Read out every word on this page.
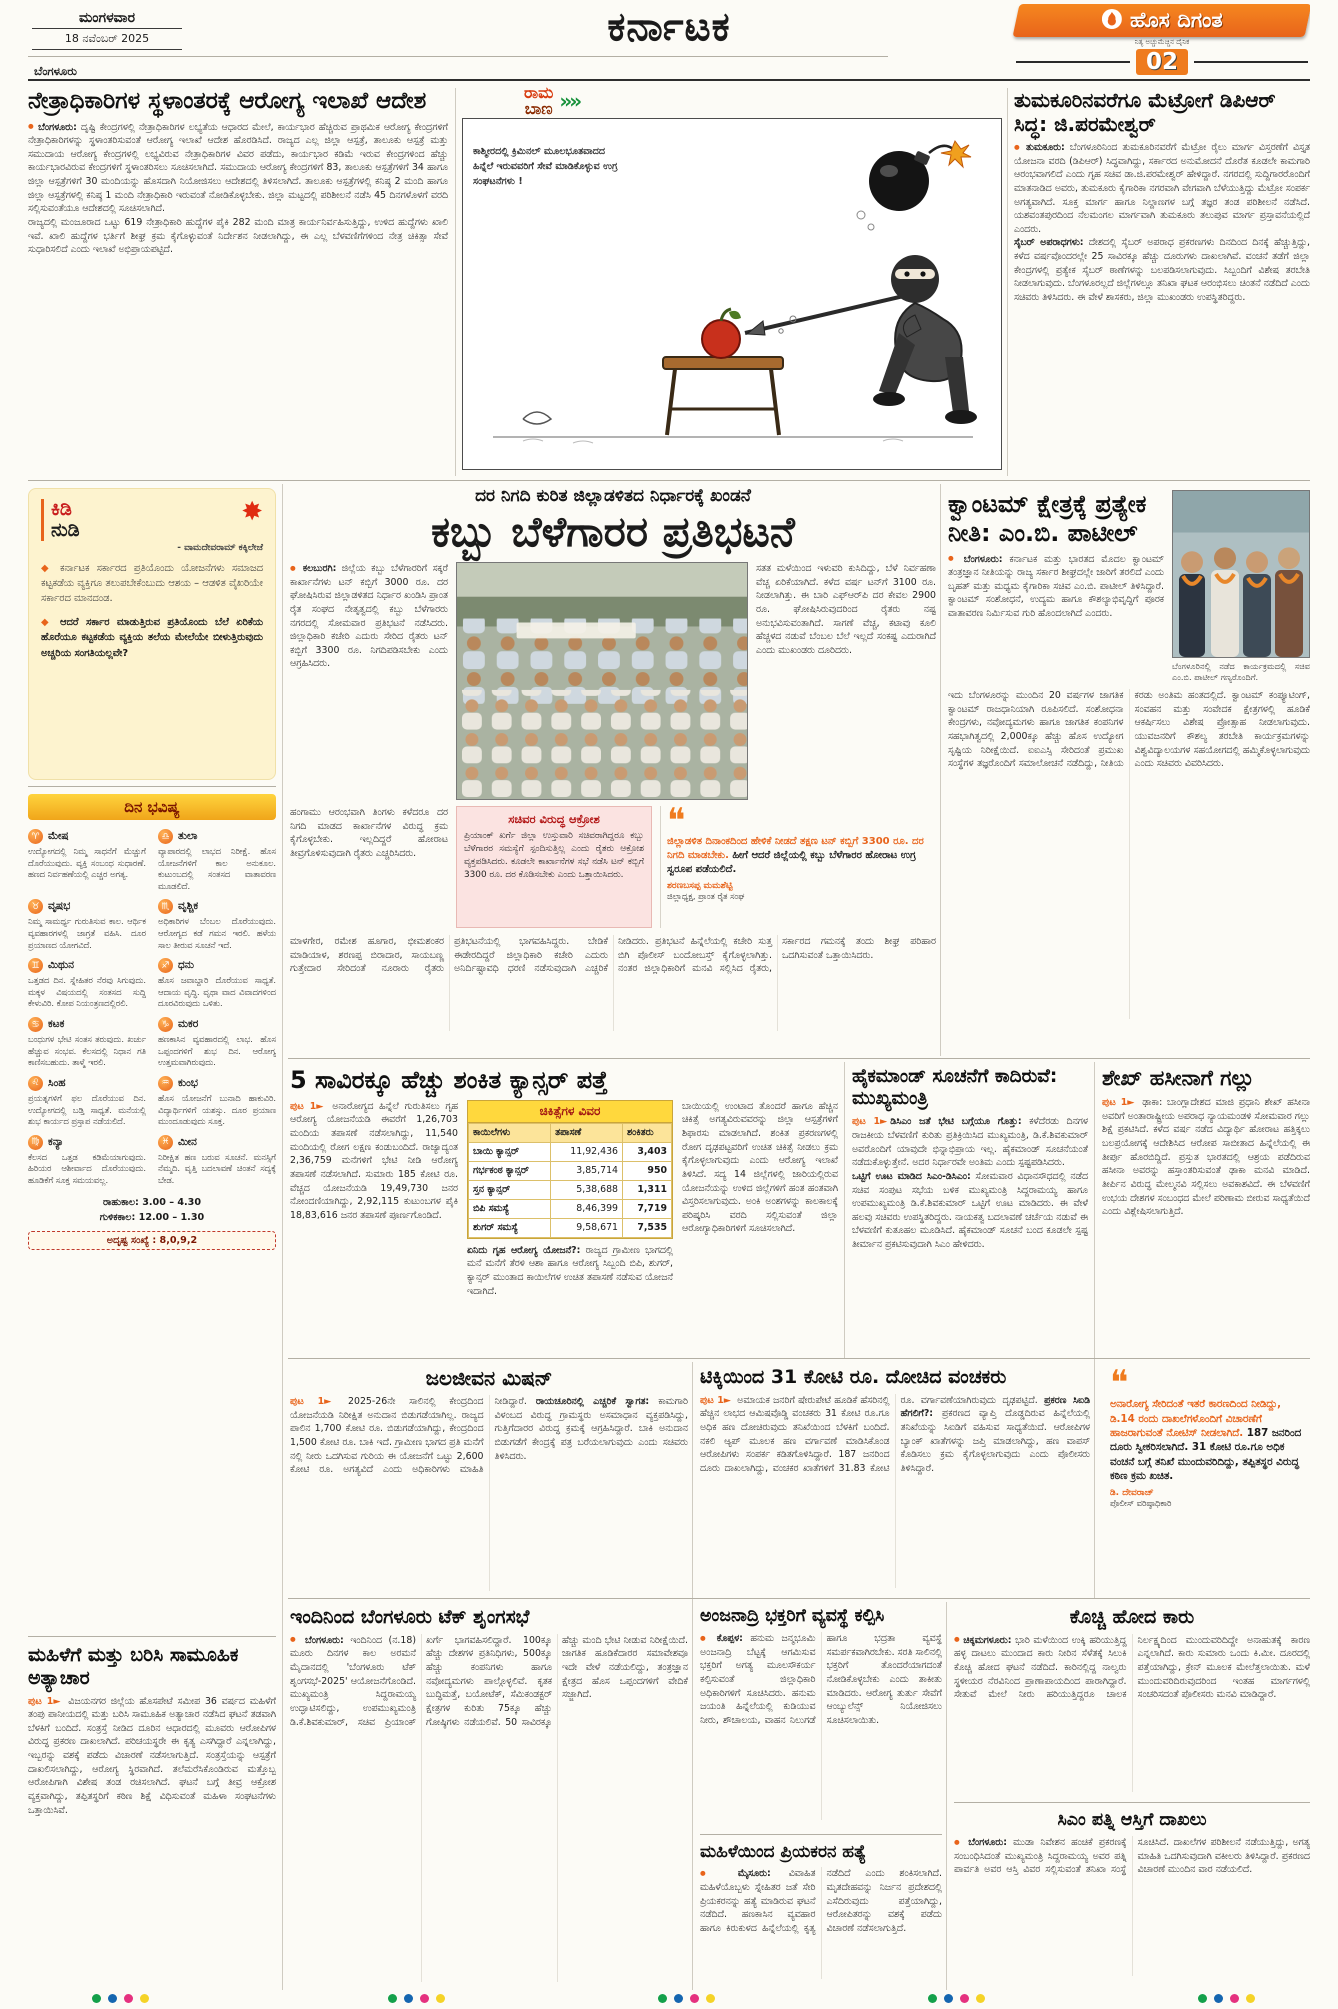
ಮಂಗಳವಾರ
18 ನವೆಂಬರ್ 2025
ಬೆಂಗಳೂರು
ಕರ್ನಾಟಕ	ಹೊಸ ದಿಗಂತ
ನಿತ್ಯ ಅಚ್ಚುಮೆಚ್ಚಿನ ದೈನಿಕ
02
ನೇತ್ರಾಧಿಕಾರಿಗಳ ಸ್ಥಳಾಂತರಕ್ಕೆ ಆರೋಗ್ಯ ಇಲಾಖೆ ಆದೇಶ

● ಬೆಂಗಳೂರು: ದೃಷ್ಟಿ ಕೇಂದ್ರಗಳಲ್ಲಿ ನೇತ್ರಾಧಿಕಾರಿಗಳ ಲಭ್ಯತೆಯ ಆಧಾರದ ಮೇಲೆ, ಕಾರ್ಯಭಾರ ಹೆಚ್ಚಿರುವ ಪ್ರಾಥಮಿಕ ಆರೋಗ್ಯ ಕೇಂದ್ರಗಳಿಗೆ ನೇತ್ರಾಧಿಕಾರಿಗಳನ್ನು ಸ್ಥಳಾಂತರಿಸುವಂತೆ ಆರೋಗ್ಯ ಇಲಾಖೆ ಆದೇಶ ಹೊರಡಿಸಿದೆ. ರಾಜ್ಯದ ಎಲ್ಲ ಜಿಲ್ಲಾ ಆಸ್ಪತ್ರೆ, ತಾಲೂಕು ಆಸ್ಪತ್ರೆ ಮತ್ತು ಸಮುದಾಯ ಆರೋಗ್ಯ ಕೇಂದ್ರಗಳಲ್ಲಿ ಲಭ್ಯವಿರುವ ನೇತ್ರಾಧಿಕಾರಿಗಳ ವಿವರ ಪಡೆದು, ಕಾರ್ಯಭಾರ ಕಡಿಮೆ ಇರುವ ಕೇಂದ್ರಗಳಿಂದ ಹೆಚ್ಚು ಕಾರ್ಯಭಾರವಿರುವ ಕೇಂದ್ರಗಳಿಗೆ ಸ್ಥಳಾಂತರಿಸಲು ಸೂಚಿಸಲಾಗಿದೆ. ಸಮುದಾಯ ಆರೋಗ್ಯ ಕೇಂದ್ರಗಳಿಗೆ 83, ತಾಲೂಕು ಆಸ್ಪತ್ರೆಗಳಿಗೆ 34 ಹಾಗೂ ಜಿಲ್ಲಾ ಆಸ್ಪತ್ರೆಗಳಿಗೆ 30 ಮಂದಿಯನ್ನು ಹೊಸದಾಗಿ ನಿಯೋಜಿಸಲು ಆದೇಶದಲ್ಲಿ ತಿಳಿಸಲಾಗಿದೆ. ತಾಲೂಕು ಆಸ್ಪತ್ರೆಗಳಲ್ಲಿ ಕನಿಷ್ಠ 2 ಮಂದಿ ಹಾಗೂ ಜಿಲ್ಲಾ ಆಸ್ಪತ್ರೆಗಳಲ್ಲಿ ಕನಿಷ್ಠ 1 ಮಂದಿ ನೇತ್ರಾಧಿಕಾರಿ ಇರುವಂತೆ ನೋಡಿಕೊಳ್ಳಬೇಕು. ಜಿಲ್ಲಾ ಮಟ್ಟದಲ್ಲಿ ಪರಿಶೀಲನೆ ನಡೆಸಿ 45 ದಿನಗಳೊಳಗೆ ವರದಿ ಸಲ್ಲಿಸುವಂತೆಯೂ ಆದೇಶದಲ್ಲಿ ಸೂಚಿಸಲಾಗಿದೆ.

ರಾಜ್ಯದಲ್ಲಿ ಮಂಜೂರಾದ ಒಟ್ಟು 619 ನೇತ್ರಾಧಿಕಾರಿ ಹುದ್ದೆಗಳ ಪೈಕಿ 282 ಮಂದಿ ಮಾತ್ರ ಕಾರ್ಯನಿರ್ವಹಿಸುತ್ತಿದ್ದು, ಉಳಿದ ಹುದ್ದೆಗಳು ಖಾಲಿ ಇವೆ. ಖಾಲಿ ಹುದ್ದೆಗಳ ಭರ್ತಿಗೆ ಶೀಘ್ರ ಕ್ರಮ ಕೈಗೊಳ್ಳುವಂತೆ ನಿರ್ದೇಶನ ನೀಡಲಾಗಿದ್ದು, ಈ ಎಲ್ಲ ಬೆಳವಣಿಗೆಗಳಿಂದ ನೇತ್ರ ಚಿಕಿತ್ಸಾ ಸೇವೆ ಸುಧಾರಿಸಲಿದೆ ಎಂದು ಇಲಾಖೆ ಅಭಿಪ್ರಾಯಪಟ್ಟಿದೆ.

ರಾಮ
ಬಾಣ »»

ಕಾಶ್ಮೀರದಲ್ಲಿ ಕ್ರಿಮಿನಲ್ ಮೂಲಭೂತವಾದದ ಹಿನ್ನೆಲೆ ಇರುವವರಿಗೆ ಸೇವೆ ಮಾಡಿಕೊಳ್ಳುವ ಉಗ್ರ ಸಂಘಟನೆಗಳು !

ತುಮಕೂರಿನವರೆಗೂ ಮೆಟ್ರೋಗೆ ಡಿಪಿಆರ್ ಸಿದ್ಧ: ಜಿ.ಪರಮೇಶ್ವರ್

● ತುಮಕೂರು: ಬೆಂಗಳೂರಿನಿಂದ ತುಮಕೂರಿನವರೆಗೆ ಮೆಟ್ರೋ ರೈಲು ಮಾರ್ಗ ವಿಸ್ತರಣೆಗೆ ವಿಸ್ತೃತ ಯೋಜನಾ ವರದಿ (ಡಿಪಿಆರ್) ಸಿದ್ಧವಾಗಿದ್ದು, ಸರ್ಕಾರದ ಅನುಮೋದನೆ ದೊರೆತ ಕೂಡಲೇ ಕಾಮಗಾರಿ ಆರಂಭವಾಗಲಿದೆ ಎಂದು ಗೃಹ ಸಚಿವ ಡಾ.ಜಿ.ಪರಮೇಶ್ವರ್ ಹೇಳಿದ್ದಾರೆ. ನಗರದಲ್ಲಿ ಸುದ್ದಿಗಾರರೊಂದಿಗೆ ಮಾತನಾಡಿದ ಅವರು, ತುಮಕೂರು ಕೈಗಾರಿಕಾ ನಗರವಾಗಿ ವೇಗವಾಗಿ ಬೆಳೆಯುತ್ತಿದ್ದು ಮೆಟ್ರೋ ಸಂಪರ್ಕ ಅಗತ್ಯವಾಗಿದೆ. ಸೂಕ್ತ ಮಾರ್ಗ ಹಾಗೂ ನಿಲ್ದಾಣಗಳ ಬಗ್ಗೆ ತಜ್ಞರ ತಂಡ ಪರಿಶೀಲನೆ ನಡೆಸಿದೆ. ಯಶವಂತಪುರದಿಂದ ನೆಲಮಂಗಲ ಮಾರ್ಗವಾಗಿ ತುಮಕೂರು ತಲುಪುವ ಮಾರ್ಗ ಪ್ರಸ್ತಾವನೆಯಲ್ಲಿದೆ ಎಂದರು.

ಸೈಬರ್ ಅಪರಾಧಗಳು: ದೇಶದಲ್ಲಿ ಸೈಬರ್ ಅಪರಾಧ ಪ್ರಕರಣಗಳು ದಿನದಿಂದ ದಿನಕ್ಕೆ ಹೆಚ್ಚುತ್ತಿದ್ದು, ಕಳೆದ ವರ್ಷವೊಂದರಲ್ಲೇ 25 ಸಾವಿರಕ್ಕೂ ಹೆಚ್ಚು ದೂರುಗಳು ದಾಖಲಾಗಿವೆ. ವಂಚನೆ ತಡೆಗೆ ಜಿಲ್ಲಾ ಕೇಂದ್ರಗಳಲ್ಲಿ ಪ್ರತ್ಯೇಕ ಸೈಬರ್ ಠಾಣೆಗಳನ್ನು ಬಲಪಡಿಸಲಾಗುವುದು. ಸಿಬ್ಬಂದಿಗೆ ವಿಶೇಷ ತರಬೇತಿ ನೀಡಲಾಗುವುದು. ಬೆಂಗಳೂರಲ್ಲದೆ ಜಿಲ್ಲೆಗಳಲ್ಲೂ ತನಿಖಾ ಘಟಕ ಆರಂಭಿಸಲು ಚಿಂತನೆ ನಡೆದಿದೆ ಎಂದು ಸಚಿವರು ತಿಳಿಸಿದರು. ಈ ವೇಳೆ ಶಾಸಕರು, ಜಿಲ್ಲಾ ಮುಖಂಡರು ಉಪಸ್ಥಿತರಿದ್ದರು.

ಕಿಡಿ
ನುಡಿ
✸
- ವಾಮದೇವರಾಮ್ ಕಕ್ಕಿಲೇಜೆ

◆ ಕರ್ನಾಟಕ ಸರ್ಕಾರದ ಪ್ರತಿಯೊಂದು ಯೋಜನೆಗಳು ಸಮಾಜದ ಕಟ್ಟಕಡೆಯ ವ್ಯಕ್ತಿಗೂ ತಲುಪಬೇಕೆಂಬುದು ಆಶಯ – ಆಡಳಿತ ವೈಖರಿಯೇ ಸರ್ಕಾರದ ಮಾನದಂಡ.

◆ ಆದರೆ ಸರ್ಕಾರ ಮಾಡುತ್ತಿರುವ ಪ್ರತಿಯೊಂದು ಬೆಲೆ ಏರಿಕೆಯ ಹೊರೆಯೂ ಕಟ್ಟಕಡೆಯ ವ್ಯಕ್ತಿಯ ತಲೆಯ ಮೇಲೆಯೇ ಬೀಳುತ್ತಿರುವುದು ಅಚ್ಚರಿಯ ಸಂಗತಿಯಲ್ಲವೇ?

ದಿನ ಭವಿಷ್ಯ
♈ ಮೇಷ

ಉದ್ಯೋಗದಲ್ಲಿ ನಿಮ್ಮ ಸಾಧನೆಗೆ ಮೆಚ್ಚುಗೆ ದೊರೆಯುವುದು. ವ್ಯಕ್ತಿ ಸಂಬಂಧ ಸುಧಾರಣೆ. ಹಣದ ನಿರ್ವಹಣೆಯಲ್ಲಿ ಎಚ್ಚರ ಅಗತ್ಯ.

♎ ತುಲಾ

ವ್ಯಾಪಾರದಲ್ಲಿ ಲಾಭದ ನಿರೀಕ್ಷೆ. ಹೊಸ ಯೋಜನೆಗಳಿಗೆ ಕಾಲ ಅನುಕೂಲ. ಕುಟುಂಬದಲ್ಲಿ ಸಂತಸದ ವಾತಾವರಣ ಮೂಡಲಿದೆ.

♉ ವೃಷಭ

ನಿಮ್ಮ ಸಾಮರ್ಥ್ಯ ಗುರುತಿಸುವ ಕಾಲ. ಆರ್ಥಿಕ ವ್ಯವಹಾರಗಳಲ್ಲಿ ಜಾಗ್ರತೆ ವಹಿಸಿ. ದೂರ ಪ್ರಯಾಣದ ಯೋಗವಿದೆ.

♏ ವೃಶ್ಚಿಕ

ಅಧಿಕಾರಿಗಳ ಬೆಂಬಲ ದೊರೆಯುವುದು. ಆರೋಗ್ಯದ ಕಡೆ ಗಮನ ಇರಲಿ. ಹಳೆಯ ಸಾಲ ತೀರುವ ಸೂಚನೆ ಇದೆ.

♊ ಮಿಥುನ

ಒತ್ತಡದ ದಿನ. ಸ್ನೇಹಿತರ ನೆರವು ಸಿಗುವುದು. ಮಕ್ಕಳ ವಿಷಯದಲ್ಲಿ ಸಂತಸದ ಸುದ್ದಿ ಕೇಳುವಿರಿ. ಕೋಪ ನಿಯಂತ್ರಣದಲ್ಲಿರಲಿ.

♐ ಧನು

ಹೊಸ ಜವಾಬ್ದಾರಿ ದೊರೆಯುವ ಸಾಧ್ಯತೆ. ಆದಾಯ ವೃದ್ಧಿ. ವೃಥಾ ವಾದ ವಿವಾದಗಳಿಂದ ದೂರವಿರುವುದು ಒಳಿತು.

♋ ಕಟಕ

ಬಂಧುಗಳ ಭೇಟಿ ಸಂತಸ ತರುವುದು. ಖರ್ಚು ಹೆಚ್ಚುವ ಸಂಭವ. ಕೆಲಸದಲ್ಲಿ ನಿಧಾನ ಗತಿ ಕಾಣಿಸಬಹುದು. ತಾಳ್ಮೆ ಇರಲಿ.

♑ ಮಕರ

ಹಣಕಾಸಿನ ವ್ಯವಹಾರದಲ್ಲಿ ಲಾಭ. ಹೊಸ ಒಪ್ಪಂದಗಳಿಗೆ ಶುಭ ದಿನ. ಆರೋಗ್ಯ ಉತ್ತಮವಾಗಿರುವುದು.

♌ ಸಿಂಹ

ಪ್ರಯತ್ನಗಳಿಗೆ ಫಲ ದೊರೆಯುವ ದಿನ. ಉದ್ಯೋಗದಲ್ಲಿ ಬಡ್ತಿ ಸಾಧ್ಯತೆ. ಮನೆಯಲ್ಲಿ ಶುಭ ಕಾರ್ಯದ ಪ್ರಸ್ತಾಪ ನಡೆಯಲಿದೆ.

♒ ಕುಂಭ

ಹೊಸ ಯೋಜನೆಗೆ ಬುನಾದಿ ಹಾಕುವಿರಿ. ವಿದ್ಯಾರ್ಥಿಗಳಿಗೆ ಯಶಸ್ಸು. ದೂರ ಪ್ರಯಾಣ ಮುಂದೂಡುವುದು ಸೂಕ್ತ.

♍ ಕನ್ಯಾ

ಕೆಲಸದ ಒತ್ತಡ ಕಡಿಮೆಯಾಗುವುದು. ಹಿರಿಯರ ಆಶೀರ್ವಾದ ದೊರೆಯುವುದು. ಹೂಡಿಕೆಗೆ ಸೂಕ್ತ ಸಮಯವಲ್ಲ.

♓ ಮೀನ

ನಿರೀಕ್ಷಿತ ಹಣ ಬರುವ ಸೂಚನೆ. ಮನಸ್ಸಿಗೆ ನೆಮ್ಮದಿ. ವೃತ್ತಿ ಬದಲಾವಣೆ ಚಿಂತನೆ ಸದ್ಯಕ್ಕೆ ಬೇಡ.

ರಾಹುಕಾಲ: 3.00 – 4.30
ಗುಳಿಕಕಾಲ: 12.00 – 1.30
ಅದೃಷ್ಟ ಸಂಖ್ಯೆ : 8,0,9,2

ದರ ನಿಗದಿ ಕುರಿತ ಜಿಲ್ಲಾಡಳಿತದ ನಿರ್ಧಾರಕ್ಕೆ ಖಂಡನೆ

ಕಬ್ಬು ಬೆಳೆಗಾರರ ಪ್ರತಿಭಟನೆ
● ಕಲಬುರಗಿ: ಜಿಲ್ಲೆಯ ಕಬ್ಬು ಬೆಳೆಗಾರರಿಗೆ ಸಕ್ಕರೆ ಕಾರ್ಖಾನೆಗಳು ಟನ್ ಕಬ್ಬಿಗೆ 3000 ರೂ. ದರ ಘೋಷಿಸಿರುವ ಜಿಲ್ಲಾಡಳಿತದ ನಿರ್ಧಾರ ಖಂಡಿಸಿ ಪ್ರಾಂತ ರೈತ ಸಂಘದ ನೇತೃತ್ವದಲ್ಲಿ ಕಬ್ಬು ಬೆಳೆಗಾರರು ನಗರದಲ್ಲಿ ಸೋಮವಾರ ಪ್ರತಿಭಟನೆ ನಡೆಸಿದರು. ಜಿಲ್ಲಾಧಿಕಾರಿ ಕಚೇರಿ ಎದುರು ಸೇರಿದ ರೈತರು ಟನ್ ಕಬ್ಬಿಗೆ 3300 ರೂ. ನಿಗದಿಪಡಿಸಬೇಕು ಎಂದು ಆಗ್ರಹಿಸಿದರು.
ಸತತ ಮಳೆಯಿಂದ ಇಳುವರಿ ಕುಸಿದಿದ್ದು, ಬೆಳೆ ನಿರ್ವಹಣಾ ವೆಚ್ಚ ಏರಿಕೆಯಾಗಿದೆ. ಕಳೆದ ವರ್ಷ ಟನ್‌ಗೆ 3100 ರೂ. ನೀಡಲಾಗಿತ್ತು. ಈ ಬಾರಿ ಎಫ್‌ಆರ್‌ಪಿ ದರ ಕೇವಲ 2900 ರೂ. ಘೋಷಿಸಿರುವುದರಿಂದ ರೈತರು ನಷ್ಟ ಅನುಭವಿಸುವಂತಾಗಿದೆ. ಸಾಗಣೆ ವೆಚ್ಚ, ಕಟಾವು ಕೂಲಿ ಹೆಚ್ಚಳದ ನಡುವೆ ಬೆಂಬಲ ಬೆಲೆ ಇಲ್ಲದೆ ಸಂಕಷ್ಟ ಎದುರಾಗಿದೆ ಎಂದು ಮುಖಂಡರು ದೂರಿದರು.
ಹಂಗಾಮು ಆರಂಭವಾಗಿ ತಿಂಗಳು ಕಳೆದರೂ ದರ ನಿಗದಿ ಮಾಡದ ಕಾರ್ಖಾನೆಗಳ ವಿರುದ್ಧ ಕ್ರಮ ಕೈಗೊಳ್ಳಬೇಕು. ಇಲ್ಲದಿದ್ದರೆ ಹೋರಾಟ ತೀವ್ರಗೊಳಿಸುವುದಾಗಿ ರೈತರು ಎಚ್ಚರಿಸಿದರು.
ಸಚಿವರ ವಿರುದ್ಧ ಆಕ್ರೋಶ

ಪ್ರಿಯಾಂಕ್ ಖರ್ಗೆ ಜಿಲ್ಲಾ ಉಸ್ತುವಾರಿ ಸಚಿವರಾಗಿದ್ದರೂ ಕಬ್ಬು ಬೆಳೆಗಾರರ ಸಮಸ್ಯೆಗೆ ಸ್ಪಂದಿಸುತ್ತಿಲ್ಲ ಎಂದು ರೈತರು ಆಕ್ರೋಶ ವ್ಯಕ್ತಪಡಿಸಿದರು. ಕೂಡಲೇ ಕಾರ್ಖಾನೆಗಳ ಸಭೆ ನಡೆಸಿ ಟನ್ ಕಬ್ಬಿಗೆ 3300 ರೂ. ದರ ಕೊಡಿಸಬೇಕು ಎಂದು ಒತ್ತಾಯಿಸಿದರು.

❝

ಜಿಲ್ಲಾಡಳಿತ ದಿನಾಂಕದಿಂದ ಹೇಳಿಕೆ ನೀಡದೆ ತಕ್ಷಣ ಟನ್ ಕಬ್ಬಿಗೆ 3300 ರೂ. ದರ ನಿಗದಿ ಮಾಡಬೇಕು. ಹೀಗೆ ಆದರೆ ಜಿಲ್ಲೆಯಲ್ಲಿ ಕಬ್ಬು ಬೆಳೆಗಾರರ ಹೋರಾಟ ಉಗ್ರ ಸ್ವರೂಪ ಪಡೆಯಲಿದೆ.

ಶರಣಬಸಪ್ಪ ಮಮಶೆಟ್ಟಿ
ಜಿಲ್ಲಾಧ್ಯಕ್ಷ, ಪ್ರಾಂತ ರೈತ ಸಂಘ

ಮಾಳಗೇರ, ರಮೇಶ ಹೂಗಾರ, ಭೀಮಶಂಕರ ಮಾಡಿಯಾಳ, ಶರಣಪ್ಪ ಬಿರಾದಾರ, ಸಾಯಬಣ್ಣ ಗುತ್ತೇದಾರ ಸೇರಿದಂತೆ ನೂರಾರು ರೈತರು ಪ್ರತಿಭಟನೆಯಲ್ಲಿ ಭಾಗವಹಿಸಿದ್ದರು. ಬೇಡಿಕೆ ಈಡೇರದಿದ್ದರೆ ಜಿಲ್ಲಾಧಿಕಾರಿ ಕಚೇರಿ ಎದುರು ಅನಿರ್ದಿಷ್ಟಾವಧಿ ಧರಣಿ ನಡೆಸುವುದಾಗಿ ಎಚ್ಚರಿಕೆ ನೀಡಿದರು. ಪ್ರತಿಭಟನೆ ಹಿನ್ನೆಲೆಯಲ್ಲಿ ಕಚೇರಿ ಸುತ್ತ ಬಿಗಿ ಪೊಲೀಸ್ ಬಂದೋಬಸ್ತ್ ಕೈಗೊಳ್ಳಲಾಗಿತ್ತು. ನಂತರ ಜಿಲ್ಲಾಧಿಕಾರಿಗೆ ಮನವಿ ಸಲ್ಲಿಸಿದ ರೈತರು, ಸರ್ಕಾರದ ಗಮನಕ್ಕೆ ತಂದು ಶೀಘ್ರ ಪರಿಹಾರ ಒದಗಿಸುವಂತೆ ಒತ್ತಾಯಿಸಿದರು.
ಕ್ವಾಂಟಮ್ ಕ್ಷೇತ್ರಕ್ಕೆ ಪ್ರತ್ಯೇಕ ನೀತಿ: ಎಂ.ಬಿ. ಪಾಟೀಲ್
● ಬೆಂಗಳೂರು: ಕರ್ನಾಟಕ ಮತ್ತು ಭಾರತದ ಮೊದಲ ಕ್ವಾಂಟಮ್ ತಂತ್ರಜ್ಞಾನ ನೀತಿಯನ್ನು ರಾಜ್ಯ ಸರ್ಕಾರ ಶೀಘ್ರದಲ್ಲೇ ಜಾರಿಗೆ ತರಲಿದೆ ಎಂದು ಬೃಹತ್ ಮತ್ತು ಮಧ್ಯಮ ಕೈಗಾರಿಕಾ ಸಚಿವ ಎಂ.ಬಿ. ಪಾಟೀಲ್ ತಿಳಿಸಿದ್ದಾರೆ. ಕ್ವಾಂಟಮ್ ಸಂಶೋಧನೆ, ಉದ್ಯಮ ಹಾಗೂ ಕೌಶಲ್ಯಾಭಿವೃದ್ಧಿಗೆ ಪೂರಕ ವಾತಾವರಣ ನಿರ್ಮಿಸುವ ಗುರಿ ಹೊಂದಲಾಗಿದೆ ಎಂದರು.

ಬೆಂಗಳೂರಿನಲ್ಲಿ ನಡೆದ ಕಾರ್ಯಕ್ರಮದಲ್ಲಿ ಸಚಿವ ಎಂ.ಬಿ. ಪಾಟೀಲ್ ಗಣ್ಯರೊಂದಿಗೆ.

ಇದು ಬೆಂಗಳೂರನ್ನು ಮುಂದಿನ 20 ವರ್ಷಗಳ ಜಾಗತಿಕ ಕ್ವಾಂಟಮ್ ರಾಜಧಾನಿಯಾಗಿ ರೂಪಿಸಲಿದೆ. ಸಂಶೋಧನಾ ಕೇಂದ್ರಗಳು, ನವೋದ್ಯಮಗಳು ಹಾಗೂ ಜಾಗತಿಕ ಕಂಪನಿಗಳ ಸಹಭಾಗಿತ್ವದಲ್ಲಿ 2,000ಕ್ಕೂ ಹೆಚ್ಚು ಹೊಸ ಉದ್ಯೋಗ ಸೃಷ್ಟಿಯ ನಿರೀಕ್ಷೆಯಿದೆ. ಐಐಎಸ್ಸಿ ಸೇರಿದಂತೆ ಪ್ರಮುಖ ಸಂಸ್ಥೆಗಳ ತಜ್ಞರೊಂದಿಗೆ ಸಮಾಲೋಚನೆ ನಡೆದಿದ್ದು, ನೀತಿಯ ಕರಡು ಅಂತಿಮ ಹಂತದಲ್ಲಿದೆ. ಕ್ವಾಂಟಮ್ ಕಂಪ್ಯೂಟಿಂಗ್, ಸಂವಹನ ಮತ್ತು ಸಂವೇದಕ ಕ್ಷೇತ್ರಗಳಲ್ಲಿ ಹೂಡಿಕೆ ಆಕರ್ಷಿಸಲು ವಿಶೇಷ ಪ್ರೋತ್ಸಾಹ ನೀಡಲಾಗುವುದು. ಯುವಜನರಿಗೆ ಕೌಶಲ್ಯ ತರಬೇತಿ ಕಾರ್ಯಕ್ರಮಗಳನ್ನು ವಿಶ್ವವಿದ್ಯಾಲಯಗಳ ಸಹಯೋಗದಲ್ಲಿ ಹಮ್ಮಿಕೊಳ್ಳಲಾಗುವುದು ಎಂದು ಸಚಿವರು ವಿವರಿಸಿದರು.
5 ಸಾವಿರಕ್ಕೂ ಹೆಚ್ಚು ಶಂಕಿತ ಕ್ಯಾನ್ಸರ್ ಪತ್ತೆ
ಪುಟ 1► ಅನಾರೋಗ್ಯದ ಹಿನ್ನೆಲೆ ಗುರುತಿಸಲು ಗೃಹ ಆರೋಗ್ಯ ಯೋಜನೆಯಡಿ ಈವರೆಗೆ 1,26,703 ಮಂದಿಯ ತಪಾಸಣೆ ನಡೆಸಲಾಗಿದ್ದು, 11,540 ಮಂದಿಯಲ್ಲಿ ರೋಗ ಲಕ್ಷಣ ಕಂಡುಬಂದಿದೆ. ರಾಜ್ಯಾದ್ಯಂತ 2,36,759 ಮನೆಗಳಿಗೆ ಭೇಟಿ ನೀಡಿ ಆರೋಗ್ಯ ತಪಾಸಣೆ ನಡೆಸಲಾಗಿದೆ. ಸುಮಾರು 185 ಕೋಟಿ ರೂ. ವೆಚ್ಚದ ಯೋಜನೆಯಡಿ 19,49,730 ಜನರ ನೋಂದಣಿಯಾಗಿದ್ದು, 2,92,115 ಕುಟುಂಬಗಳ ಪೈಕಿ 18,83,616 ಜನರ ತಪಾಸಣೆ ಪೂರ್ಣಗೊಂಡಿದೆ.
ಚಿಕಿತ್ಸೆಗಳ ವಿವರ
ಕಾಯಿಲೆಗಳು	ತಪಾಸಣೆ	ಶಂಕಿತರು
ಬಾಯಿ ಕ್ಯಾನ್ಸರ್	11,92,436	3,403
ಗರ್ಭಕಂಠ ಕ್ಯಾನ್ಸರ್	3,85,714	950
ಸ್ತನ ಕ್ಯಾನ್ಸರ್	5,38,688	1,311
ಬಿಪಿ ಸಮಸ್ಯೆ	8,46,399	7,719
ಶುಗರ್ ಸಮಸ್ಯೆ	9,58,671	7,535

ಏನಿದು ಗೃಹ ಆರೋಗ್ಯ ಯೋಜನೆ?: ರಾಜ್ಯದ ಗ್ರಾಮೀಣ ಭಾಗದಲ್ಲಿ ಮನೆ ಮನೆಗೆ ತೆರಳಿ ಆಶಾ ಹಾಗೂ ಆರೋಗ್ಯ ಸಿಬ್ಬಂದಿ ಬಿಪಿ, ಶುಗರ್, ಕ್ಯಾನ್ಸರ್ ಮುಂತಾದ ಕಾಯಿಲೆಗಳ ಉಚಿತ ತಪಾಸಣೆ ನಡೆಸುವ ಯೋಜನೆ ಇದಾಗಿದೆ.

ಬಾಯಿಯಲ್ಲಿ ಉಂಟಾದ ತೊಂದರೆ ಹಾಗೂ ಹೆಚ್ಚಿನ ಚಿಕಿತ್ಸೆ ಅಗತ್ಯವಿರುವವರನ್ನು ಜಿಲ್ಲಾ ಆಸ್ಪತ್ರೆಗಳಿಗೆ ಶಿಫಾರಸು ಮಾಡಲಾಗಿದೆ. ಶಂಕಿತ ಪ್ರಕರಣಗಳಲ್ಲಿ ರೋಗ ದೃಢಪಟ್ಟವರಿಗೆ ಉಚಿತ ಚಿಕಿತ್ಸೆ ನೀಡಲು ಕ್ರಮ ಕೈಗೊಳ್ಳಲಾಗುವುದು ಎಂದು ಆರೋಗ್ಯ ಇಲಾಖೆ ತಿಳಿಸಿದೆ. ಸದ್ಯ 14 ಜಿಲ್ಲೆಗಳಲ್ಲಿ ಜಾರಿಯಲ್ಲಿರುವ ಯೋಜನೆಯನ್ನು ಉಳಿದ ಜಿಲ್ಲೆಗಳಿಗೆ ಹಂತ ಹಂತವಾಗಿ ವಿಸ್ತರಿಸಲಾಗುವುದು. ಅಂಕಿ ಅಂಶಗಳನ್ನು ಕಾಲಕಾಲಕ್ಕೆ ಪರಿಷ್ಕರಿಸಿ ವರದಿ ಸಲ್ಲಿಸುವಂತೆ ಜಿಲ್ಲಾ ಆರೋಗ್ಯಾಧಿಕಾರಿಗಳಿಗೆ ಸೂಚಿಸಲಾಗಿದೆ.
ಹೈಕಮಾಂಡ್ ಸೂಚನೆಗೆ ಕಾದಿರುವೆ: ಮುಖ್ಯಮಂತ್ರಿ

ಪುಟ 1► ಡಿಸಿಎಂ ಜತೆ ಭೇಟಿ ಬಗ್ಗೆಯೂ ಗೊತ್ತು: ಕಳೆದೆರಡು ದಿನಗಳ ರಾಜಕೀಯ ಬೆಳವಣಿಗೆ ಕುರಿತು ಪ್ರತಿಕ್ರಿಯಿಸಿದ ಮುಖ್ಯಮಂತ್ರಿ, ಡಿ.ಕೆ.ಶಿವಕುಮಾರ್ ಅವರೊಂದಿಗೆ ಯಾವುದೇ ಭಿನ್ನಾಭಿಪ್ರಾಯ ಇಲ್ಲ. ಹೈಕಮಾಂಡ್ ಸೂಚನೆಯಂತೆ ನಡೆದುಕೊಳ್ಳುತ್ತೇನೆ. ಅದರ ನಿರ್ಧಾರವೇ ಅಂತಿಮ ಎಂದು ಸ್ಪಷ್ಟಪಡಿಸಿದರು.

ಒಟ್ಟಿಗೆ ಊಟ ಮಾಡಿದ ಸಿಎಂ-ಡಿಸಿಎಂ: ಸೋಮವಾರ ವಿಧಾನಸೌಧದಲ್ಲಿ ನಡೆದ ಸಚಿವ ಸಂಪುಟ ಸಭೆಯ ಬಳಿಕ ಮುಖ್ಯಮಂತ್ರಿ ಸಿದ್ದರಾಮಯ್ಯ ಹಾಗೂ ಉಪಮುಖ್ಯಮಂತ್ರಿ ಡಿ.ಕೆ.ಶಿವಕುಮಾರ್ ಒಟ್ಟಿಗೆ ಊಟ ಮಾಡಿದರು. ಈ ವೇಳೆ ಹಲವು ಸಚಿವರು ಉಪಸ್ಥಿತರಿದ್ದರು. ನಾಯಕತ್ವ ಬದಲಾವಣೆ ಚರ್ಚೆಯ ನಡುವೆ ಈ ಬೆಳವಣಿಗೆ ಕುತೂಹಲ ಮೂಡಿಸಿದೆ. ಹೈಕಮಾಂಡ್ ಸೂಚನೆ ಬಂದ ಕೂಡಲೇ ಸ್ಪಷ್ಟ ತೀರ್ಮಾನ ಪ್ರಕಟಿಸುವುದಾಗಿ ಸಿಎಂ ಹೇಳಿದರು.

ಶೇಖ್ ಹಸೀನಾಗೆ ಗಲ್ಲು
ಪುಟ 1► ಢಾಕಾ: ಬಾಂಗ್ಲಾದೇಶದ ಮಾಜಿ ಪ್ರಧಾನಿ ಶೇಖ್ ಹಸೀನಾ ಅವರಿಗೆ ಅಂತಾರಾಷ್ಟ್ರೀಯ ಅಪರಾಧ ನ್ಯಾಯಮಂಡಳಿ ಸೋಮವಾರ ಗಲ್ಲು ಶಿಕ್ಷೆ ಪ್ರಕಟಿಸಿದೆ. ಕಳೆದ ವರ್ಷ ನಡೆದ ವಿದ್ಯಾರ್ಥಿ ಹೋರಾಟ ಹತ್ತಿಕ್ಕಲು ಬಲಪ್ರಯೋಗಕ್ಕೆ ಆದೇಶಿಸಿದ ಆರೋಪ ಸಾಬೀತಾದ ಹಿನ್ನೆಲೆಯಲ್ಲಿ ಈ ತೀರ್ಪು ಹೊರಬಿದ್ದಿದೆ. ಪ್ರಸ್ತುತ ಭಾರತದಲ್ಲಿ ಆಶ್ರಯ ಪಡೆದಿರುವ ಹಸೀನಾ ಅವರನ್ನು ಹಸ್ತಾಂತರಿಸುವಂತೆ ಢಾಕಾ ಮನವಿ ಮಾಡಿದೆ. ತೀರ್ಪಿನ ವಿರುದ್ಧ ಮೇಲ್ಮನವಿ ಸಲ್ಲಿಸಲು ಅವಕಾಶವಿದೆ. ಈ ಬೆಳವಣಿಗೆ ಉಭಯ ದೇಶಗಳ ಸಂಬಂಧದ ಮೇಲೆ ಪರಿಣಾಮ ಬೀರುವ ಸಾಧ್ಯತೆಯಿದೆ ಎಂದು ವಿಶ್ಲೇಷಿಸಲಾಗುತ್ತಿದೆ.
ಜಲಜೀವನ ಮಿಷನ್
ಪುಟ 1► 2025-26ನೇ ಸಾಲಿನಲ್ಲಿ ಕೇಂದ್ರದಿಂದ ಯೋಜನೆಯಡಿ ನಿರೀಕ್ಷಿತ ಅನುದಾನ ಬಿಡುಗಡೆಯಾಗಿಲ್ಲ. ರಾಜ್ಯದ ಪಾಲಿನ 1,700 ಕೋಟಿ ರೂ. ಬಿಡುಗಡೆಯಾಗಿದ್ದು, ಕೇಂದ್ರದಿಂದ 1,500 ಕೋಟಿ ರೂ. ಬಾಕಿ ಇದೆ. ಗ್ರಾಮೀಣ ಭಾಗದ ಪ್ರತಿ ಮನೆಗೆ ನಲ್ಲಿ ನೀರು ಒದಗಿಸುವ ಗುರಿಯ ಈ ಯೋಜನೆಗೆ ಒಟ್ಟು 2,600 ಕೋಟಿ ರೂ. ಅಗತ್ಯವಿದೆ ಎಂದು ಅಧಿಕಾರಿಗಳು ಮಾಹಿತಿ ನೀಡಿದ್ದಾರೆ. ರಾಯಚೂರಿನಲ್ಲಿ ಎಚ್ಚರಿಕೆ ಸ್ವಾಗತ: ಕಾಮಗಾರಿ ವಿಳಂಬದ ವಿರುದ್ಧ ಗ್ರಾಮಸ್ಥರು ಅಸಮಾಧಾನ ವ್ಯಕ್ತಪಡಿಸಿದ್ದು, ಗುತ್ತಿಗೆದಾರರ ವಿರುದ್ಧ ಕ್ರಮಕ್ಕೆ ಆಗ್ರಹಿಸಿದ್ದಾರೆ. ಬಾಕಿ ಅನುದಾನ ಬಿಡುಗಡೆಗೆ ಕೇಂದ್ರಕ್ಕೆ ಪತ್ರ ಬರೆಯಲಾಗುವುದು ಎಂದು ಸಚಿವರು ತಿಳಿಸಿದರು.
ಟಿಕ್ಕಿಯಿಂದ 31 ಕೋಟಿ ರೂ. ದೋಚಿದ ವಂಚಕರು
ಪುಟ 1► ಅಮಾಯಕ ಜನರಿಗೆ ಷೇರುಪೇಟೆ ಹೂಡಿಕೆ ಹೆಸರಿನಲ್ಲಿ ಹೆಚ್ಚಿನ ಲಾಭದ ಆಮಿಷವೊಡ್ಡಿ ವಂಚಕರು 31 ಕೋಟಿ ರೂ.ಗೂ ಅಧಿಕ ಹಣ ದೋಚಿರುವುದು ತನಿಖೆಯಿಂದ ಬೆಳಕಿಗೆ ಬಂದಿದೆ. ನಕಲಿ ಆ್ಯಪ್ ಮೂಲಕ ಹಣ ವರ್ಗಾವಣೆ ಮಾಡಿಸಿಕೊಂಡ ಆರೋಪಿಗಳು ಸಂಪರ್ಕ ಕಡಿತಗೊಳಿಸಿದ್ದಾರೆ. 187 ಜನರಿಂದ ದೂರು ದಾಖಲಾಗಿದ್ದು, ವಂಚಕರ ಖಾತೆಗಳಿಗೆ 31.83 ಕೋಟಿ ರೂ. ವರ್ಗಾವಣೆಯಾಗಿರುವುದು ದೃಢಪಟ್ಟಿದೆ. ಪ್ರಕರಣ ಸಿಐಡಿ ಹೆಗಲಿಗೆ?: ಪ್ರಕರಣದ ವ್ಯಾಪ್ತಿ ದೊಡ್ಡದಿರುವ ಹಿನ್ನೆಲೆಯಲ್ಲಿ ತನಿಖೆಯನ್ನು ಸಿಐಡಿಗೆ ವಹಿಸುವ ಸಾಧ್ಯತೆಯಿದೆ. ಆರೋಪಿಗಳ ಬ್ಯಾಂಕ್ ಖಾತೆಗಳನ್ನು ಜಪ್ತಿ ಮಾಡಲಾಗಿದ್ದು, ಹಣ ವಾಪಸ್ ಕೊಡಿಸಲು ಕ್ರಮ ಕೈಗೊಳ್ಳಲಾಗುವುದು ಎಂದು ಪೊಲೀಸರು ತಿಳಿಸಿದ್ದಾರೆ.
❝

ಅನಾರೋಗ್ಯ ಸೇರಿದಂತೆ ಇತರೆ ಕಾರಣದಿಂದ ನೀಡಿದ್ದು, ಡಿ.14 ರಂದು ದಾಖಲೆಗಳೊಂದಿಗೆ ವಿಚಾರಣೆಗೆ ಹಾಜರಾಗುವಂತೆ ನೋಟಿಸ್ ನೀಡಲಾಗಿದೆ. 187 ಜನರಿಂದ ದೂರು ಸ್ವೀಕರಿಸಲಾಗಿದೆ. 31 ಕೋಟಿ ರೂ.ಗೂ ಅಧಿಕ ವಂಚನೆ ಬಗ್ಗೆ ತನಿಖೆ ಮುಂದುವರಿದಿದ್ದು, ತಪ್ಪಿತಸ್ಥರ ವಿರುದ್ಧ ಕಠಿಣ ಕ್ರಮ ಖಚಿತ.

ಡಿ. ದೇವರಾಜ್
ಪೊಲೀಸ್ ವರಿಷ್ಠಾಧಿಕಾರಿ

ಮಹಿಳೆಗೆ ಮತ್ತು ಬರಿಸಿ ಸಾಮೂಹಿಕ ಅತ್ಯಾಚಾರ
ಪುಟ 1► ವಿಜಯನಗರ ಜಿಲ್ಲೆಯ ಹೊಸಪೇಟೆ ಸಮೀಪ 36 ವರ್ಷದ ಮಹಿಳೆಗೆ ತಂಪು ಪಾನೀಯದಲ್ಲಿ ಮತ್ತು ಬರಿಸಿ ಸಾಮೂಹಿಕ ಅತ್ಯಾಚಾರ ನಡೆಸಿದ ಘಟನೆ ತಡವಾಗಿ ಬೆಳಕಿಗೆ ಬಂದಿದೆ. ಸಂತ್ರಸ್ತೆ ನೀಡಿದ ದೂರಿನ ಆಧಾರದಲ್ಲಿ ಮೂವರು ಆರೋಪಿಗಳ ವಿರುದ್ಧ ಪ್ರಕರಣ ದಾಖಲಾಗಿದೆ. ಪರಿಚಯಸ್ಥರೇ ಈ ಕೃತ್ಯ ಎಸಗಿದ್ದಾರೆ ಎನ್ನಲಾಗಿದ್ದು, ಇಬ್ಬರನ್ನು ವಶಕ್ಕೆ ಪಡೆದು ವಿಚಾರಣೆ ನಡೆಸಲಾಗುತ್ತಿದೆ. ಸಂತ್ರಸ್ತೆಯನ್ನು ಆಸ್ಪತ್ರೆಗೆ ದಾಖಲಿಸಲಾಗಿದ್ದು, ಆರೋಗ್ಯ ಸ್ಥಿರವಾಗಿದೆ. ತಲೆಮರೆಸಿಕೊಂಡಿರುವ ಮತ್ತೊಬ್ಬ ಆರೋಪಿಗಾಗಿ ವಿಶೇಷ ತಂಡ ರಚಿಸಲಾಗಿದೆ. ಘಟನೆ ಬಗ್ಗೆ ತೀವ್ರ ಆಕ್ರೋಶ ವ್ಯಕ್ತವಾಗಿದ್ದು, ತಪ್ಪಿತಸ್ಥರಿಗೆ ಕಠಿಣ ಶಿಕ್ಷೆ ವಿಧಿಸುವಂತೆ ಮಹಿಳಾ ಸಂಘಟನೆಗಳು ಒತ್ತಾಯಿಸಿವೆ.
ಇಂದಿನಿಂದ ಬೆಂಗಳೂರು ಟೆಕ್ ಶೃಂಗಸಭೆ
● ಬೆಂಗಳೂರು: ಇಂದಿನಿಂದ (ನ.18) ಮೂರು ದಿನಗಳ ಕಾಲ ಅರಮನೆ ಮೈದಾನದಲ್ಲಿ 'ಬೆಂಗಳೂರು ಟೆಕ್ ಶೃಂಗಸಭೆ-2025' ಆಯೋಜನೆಗೊಂಡಿದೆ. ಮುಖ್ಯಮಂತ್ರಿ ಸಿದ್ದರಾಮಯ್ಯ ಉದ್ಘಾಟಿಸಲಿದ್ದು, ಉಪಮುಖ್ಯಮಂತ್ರಿ ಡಿ.ಕೆ.ಶಿವಕುಮಾರ್, ಸಚಿವ ಪ್ರಿಯಾಂಕ್ ಖರ್ಗೆ ಭಾಗವಹಿಸಲಿದ್ದಾರೆ. 100ಕ್ಕೂ ಹೆಚ್ಚು ದೇಶಗಳ ಪ್ರತಿನಿಧಿಗಳು, 500ಕ್ಕೂ ಹೆಚ್ಚು ಕಂಪನಿಗಳು ಹಾಗೂ ನವೋದ್ಯಮಗಳು ಪಾಲ್ಗೊಳ್ಳಲಿವೆ. ಕೃತಕ ಬುದ್ಧಿಮತ್ತೆ, ಬಯೋಟೆಕ್, ಸೆಮಿಕಂಡಕ್ಟರ್ ಕ್ಷೇತ್ರಗಳ ಕುರಿತು 75ಕ್ಕೂ ಹೆಚ್ಚು ಗೋಷ್ಠಿಗಳು ನಡೆಯಲಿವೆ. 50 ಸಾವಿರಕ್ಕೂ ಹೆಚ್ಚು ಮಂದಿ ಭೇಟಿ ನೀಡುವ ನಿರೀಕ್ಷೆಯಿದೆ. ಜಾಗತಿಕ ಹೂಡಿಕೆದಾರರ ಸಮಾವೇಶವೂ ಇದೇ ವೇಳೆ ನಡೆಯಲಿದ್ದು, ತಂತ್ರಜ್ಞಾನ ಕ್ಷೇತ್ರದ ಹೊಸ ಒಪ್ಪಂದಗಳಿಗೆ ವೇದಿಕೆ ಸಜ್ಜಾಗಿದೆ.
ಅಂಜನಾದ್ರಿ ಭಕ್ತರಿಗೆ ವ್ಯವಸ್ಥೆ ಕಲ್ಪಿಸಿ
● ಕೊಪ್ಪಳ: ಹನುಮ ಜನ್ಮಭೂಮಿ ಅಂಜನಾದ್ರಿ ಬೆಟ್ಟಕ್ಕೆ ಆಗಮಿಸುವ ಭಕ್ತರಿಗೆ ಅಗತ್ಯ ಮೂಲಸೌಕರ್ಯ ಕಲ್ಪಿಸುವಂತೆ ಜಿಲ್ಲಾಧಿಕಾರಿ ಅಧಿಕಾರಿಗಳಿಗೆ ಸೂಚಿಸಿದರು. ಹನುಮ ಜಯಂತಿ ಹಿನ್ನೆಲೆಯಲ್ಲಿ ಕುಡಿಯುವ ನೀರು, ಶೌಚಾಲಯ, ವಾಹನ ನಿಲುಗಡೆ ಹಾಗೂ ಭದ್ರತಾ ವ್ಯವಸ್ಥೆ ಸಮರ್ಪಕವಾಗಿರಬೇಕು. ಸರತಿ ಸಾಲಿನಲ್ಲಿ ಭಕ್ತರಿಗೆ ತೊಂದರೆಯಾಗದಂತೆ ನೋಡಿಕೊಳ್ಳಬೇಕು ಎಂದು ತಾಕೀತು ಮಾಡಿದರು. ಆರೋಗ್ಯ ತುರ್ತು ಸೇವೆಗೆ ಆಂಬ್ಯುಲೆನ್ಸ್ ನಿಯೋಜಿಸಲು ಸೂಚಿಸಲಾಯಿತು.
ಮಹಿಳೆಯಿಂದ ಪ್ರಿಯಕರನ ಹತ್ಯೆ
● ಮೈಸೂರು: ವಿವಾಹಿತ ಮಹಿಳೆಯೊಬ್ಬಳು ಸ್ನೇಹಿತರ ಜತೆ ಸೇರಿ ಪ್ರಿಯಕರನನ್ನು ಹತ್ಯೆ ಮಾಡಿರುವ ಘಟನೆ ನಡೆದಿದೆ. ಹಣಕಾಸಿನ ವ್ಯವಹಾರ ಹಾಗೂ ಕಿರುಕುಳದ ಹಿನ್ನೆಲೆಯಲ್ಲಿ ಕೃತ್ಯ ನಡೆದಿದೆ ಎಂದು ಶಂಕಿಸಲಾಗಿದೆ. ಮೃತದೇಹವನ್ನು ನಿರ್ಜನ ಪ್ರದೇಶದಲ್ಲಿ ಎಸೆದಿರುವುದು ಪತ್ತೆಯಾಗಿದ್ದು, ಆರೋಪಿತರನ್ನು ವಶಕ್ಕೆ ಪಡೆದು ವಿಚಾರಣೆ ನಡೆಸಲಾಗುತ್ತಿದೆ.
ಕೊಚ್ಚಿ ಹೋದ ಕಾರು
● ಚಿಕ್ಕಮಗಳೂರು: ಭಾರಿ ಮಳೆಯಿಂದ ಉಕ್ಕಿ ಹರಿಯುತ್ತಿದ್ದ ಹಳ್ಳ ದಾಟಲು ಮುಂದಾದ ಕಾರು ನೀರಿನ ಸೆಳೆತಕ್ಕೆ ಸಿಲುಕಿ ಕೊಚ್ಚಿ ಹೋದ ಘಟನೆ ನಡೆದಿದೆ. ಕಾರಿನಲ್ಲಿದ್ದ ನಾಲ್ವರು ಸ್ಥಳೀಯರ ನೆರವಿನಿಂದ ಪ್ರಾಣಾಪಾಯದಿಂದ ಪಾರಾಗಿದ್ದಾರೆ. ಸೇತುವೆ ಮೇಲೆ ನೀರು ಹರಿಯುತ್ತಿದ್ದರೂ ಚಾಲಕ ನಿರ್ಲಕ್ಷ್ಯದಿಂದ ಮುಂದುವರಿದಿದ್ದೇ ಅನಾಹುತಕ್ಕೆ ಕಾರಣ ಎನ್ನಲಾಗಿದೆ. ಕಾರು ಸುಮಾರು ಒಂದು ಕಿ.ಮೀ. ದೂರದಲ್ಲಿ ಪತ್ತೆಯಾಗಿದ್ದು, ಕ್ರೇನ್ ಮೂಲಕ ಮೇಲೆತ್ತಲಾಯಿತು. ಮಳೆ ಮುಂದುವರಿದಿರುವುದರಿಂದ ಇಂತಹ ಮಾರ್ಗಗಳಲ್ಲಿ ಸಂಚರಿಸದಂತೆ ಪೊಲೀಸರು ಮನವಿ ಮಾಡಿದ್ದಾರೆ.
ಸಿಎಂ ಪತ್ನಿ ಆಸ್ತಿಗೆ ದಾಖಲು
● ಬೆಂಗಳೂರು: ಮುಡಾ ನಿವೇಶನ ಹಂಚಿಕೆ ಪ್ರಕರಣಕ್ಕೆ ಸಂಬಂಧಿಸಿದಂತೆ ಮುಖ್ಯಮಂತ್ರಿ ಸಿದ್ದರಾಮಯ್ಯ ಅವರ ಪತ್ನಿ ಪಾರ್ವತಿ ಅವರ ಆಸ್ತಿ ವಿವರ ಸಲ್ಲಿಸುವಂತೆ ತನಿಖಾ ಸಂಸ್ಥೆ ಸೂಚಿಸಿದೆ. ದಾಖಲೆಗಳ ಪರಿಶೀಲನೆ ನಡೆಯುತ್ತಿದ್ದು, ಅಗತ್ಯ ಮಾಹಿತಿ ಒದಗಿಸುವುದಾಗಿ ವಕೀಲರು ತಿಳಿಸಿದ್ದಾರೆ. ಪ್ರಕರಣದ ವಿಚಾರಣೆ ಮುಂದಿನ ವಾರ ನಡೆಯಲಿದೆ.
